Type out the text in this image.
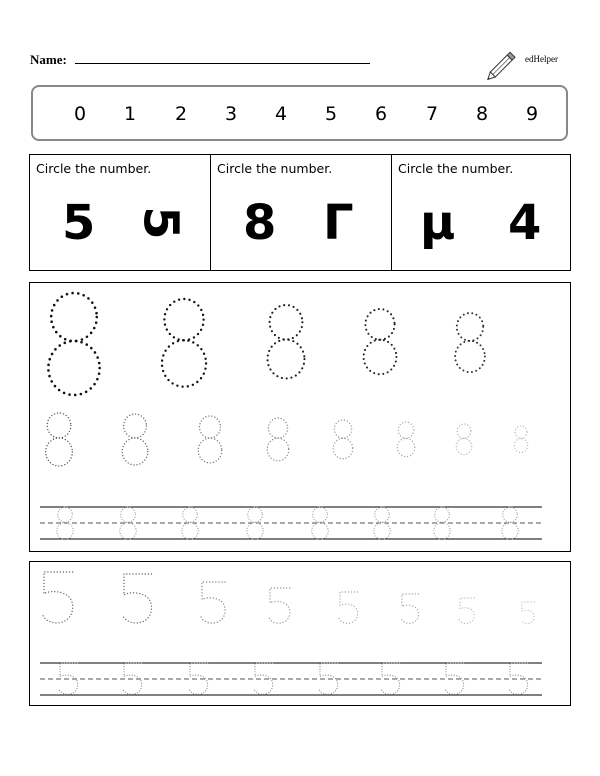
Name:	edHelper
0	1	2	3	4	5	6	7	8	9
Circle the number.
5 5
Circle the number.
8 Γ
Circle the number.
μ 4
